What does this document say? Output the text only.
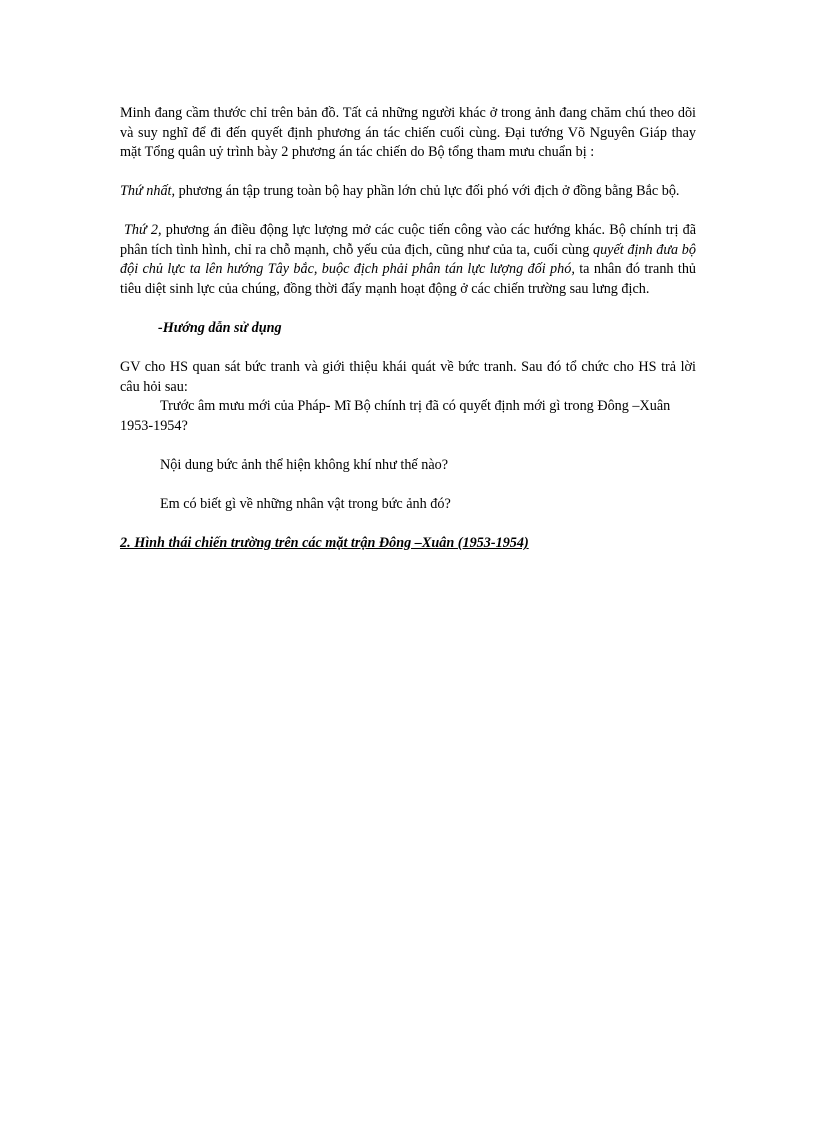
Minh đang cầm thước chỉ trên bản đồ. Tất cả những người khác ở trong ảnh đang chăm chú theo dõi và suy nghĩ để đi đến quyết định phương án tác chiến cuối cùng. Đại tướng Võ Nguyên Giáp thay mặt Tổng quân uỷ trình bày 2 phương án tác chiến do Bộ tổng tham mưu chuẩn bị :

Thứ nhất, phương án tập trung toàn bộ hay phần lớn chủ lực đối phó với địch ở đồng bằng Bắc bộ.

Thứ 2, phương án điều động lực lượng mở các cuộc tiến công vào các hướng khác. Bộ chính trị đã phân tích tình hình, chỉ ra chỗ mạnh, chỗ yếu của địch, cũng như của ta, cuối cùng quyết định đưa bộ đội chủ lực ta lên hướng Tây bắc, buộc địch phải phân tán lực lượng đối phó, ta nhân đó tranh thủ tiêu diệt sinh lực của chúng, đồng thời đẩy mạnh hoạt động ở các chiến trường sau lưng địch.

-Hướng dẫn sử dụng

GV cho HS quan sát bức tranh và giới thiệu khái quát về bức tranh. Sau đó tổ chức cho HS trả lời câu hỏi sau:

Trước âm mưu mới của Pháp- Mĩ Bộ chính trị đã có quyết định mới gì trong Đông –Xuân 1953-1954?

Nội dung bức ảnh thể hiện không khí như thế nào?

Em có biết gì về những nhân vật trong bức ảnh đó?

2. Hình thái chiến trường trên các mặt trận Đông –Xuân (1953-1954)
